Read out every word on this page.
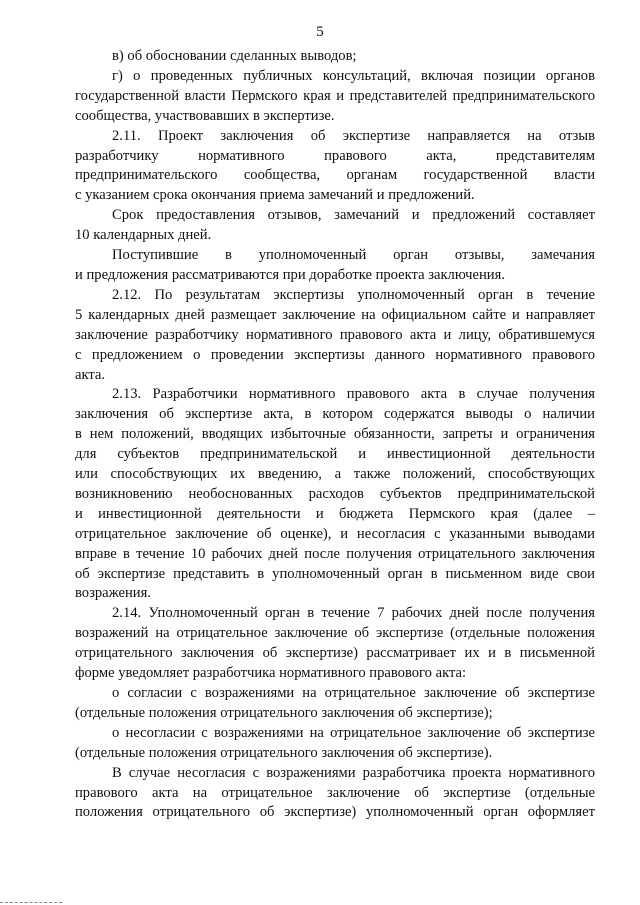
5

в) об обосновании сделанных выводов;

г) о проведенных публичных консультаций, включая позиции органов
государственной власти Пермского края и представителей предпринимательского
сообщества, участвовавших в экспертизе.

2.11. Проект заключения об экспертизе направляется на отзыв
разработчику нормативного правового акта, представителям
предпринимательского сообщества, органам государственной власти
с указанием срока окончания приема замечаний и предложений.

Срок предоставления отзывов, замечаний и предложений составляет
10 календарных дней.

Поступившие в уполномоченный орган отзывы, замечания
и предложения рассматриваются при доработке проекта заключения.

2.12. По результатам экспертизы уполномоченный орган в течение
5 календарных дней размещает заключение на официальном сайте и направляет
заключение разработчику нормативного правового акта и лицу, обратившемуся
с предложением о проведении экспертизы данного нормативного правового
акта.

2.13. Разработчики нормативного правового акта в случае получения
заключения об экспертизе акта, в котором содержатся выводы о наличии
в нем положений, вводящих избыточные обязанности, запреты и ограничения
для субъектов предпринимательской и инвестиционной деятельности
или способствующих их введению, а также положений, способствующих
возникновению необоснованных расходов субъектов предпринимательской
и инвестиционной деятельности и бюджета Пермского края (далее –
отрицательное заключение об оценке), и несогласия с указанными выводами
вправе в течение 10 рабочих дней после получения отрицательного заключения
об экспертизе представить в уполномоченный орган в письменном виде свои
возражения.

2.14. Уполномоченный орган в течение 7 рабочих дней после получения
возражений на отрицательное заключение об экспертизе (отдельные положения
отрицательного заключения об экспертизе) рассматривает их и в письменной
форме уведомляет разработчика нормативного правового акта:

о согласии с возражениями на отрицательное заключение об экспертизе
(отдельные положения отрицательного заключения об экспертизе);

о несогласии с возражениями на отрицательное заключение об экспертизе
(отдельные положения отрицательного заключения об экспертизе).

В случае несогласия с возражениями разработчика проекта нормативного
правового акта на отрицательное заключение об экспертизе (отдельные
положения отрицательного об экспертизе) уполномоченный орган оформляет
